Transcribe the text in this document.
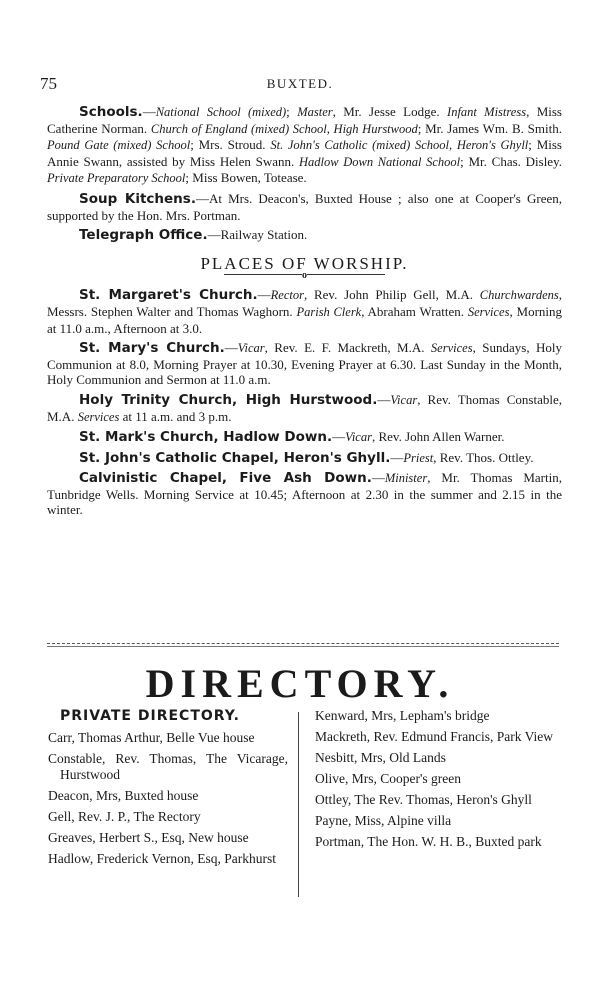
75	BUXTED.

Schools.—National School (mixed); Master, Mr. Jesse Lodge. Infant Mistress, Miss Catherine Norman. Church of England (mixed) School, High Hurstwood; Mr. James Wm. B. Smith. Pound Gate (mixed) School; Mrs. Stroud. St. John's Catholic (mixed) School, Heron's Ghyll; Miss Annie Swann, assisted by Miss Helen Swann. Hadlow Down National School; Mr. Chas. Disley. Private Preparatory School; Miss Bowen, Totease.

Soup Kitchens.—At Mrs. Deacon's, Buxted House ; also one at Cooper's Green, supported by the Hon. Mrs. Portman.

Telegraph Office.—Railway Station.

PLACES OF WORSHIP.

o

St. Margaret's Church.—Rector, Rev. John Philip Gell, M.A. Churchwardens, Messrs. Stephen Walter and Thomas Waghorn. Parish Clerk, Abraham Wratten. Services, Morning at 11.0 a.m., Afternoon at 3.0.

St. Mary's Church.—Vicar, Rev. E. F. Mackreth, M.A. Services, Sundays, Holy Communion at 8.0, Morning Prayer at 10.30, Evening Prayer at 6.30. Last Sunday in the Month, Holy Communion and Sermon at 11.0 a.m.

Holy Trinity Church, High Hurstwood.—Vicar, Rev. Thomas Constable, M.A. Services at 11 a.m. and 3 p.m.

St. Mark's Church, Hadlow Down.—Vicar, Rev. John Allen Warner.

St. John's Catholic Chapel, Heron's Ghyll.—Priest, Rev. Thos. Ottley.

Calvinistic Chapel, Five Ash Down.—Minister, Mr. Thomas Martin, Tunbridge Wells. Morning Service at 10.45; Afternoon at 2.30 in the summer and 2.15 in the winter.

DIRECTORY.
PRIVATE DIRECTORY.
Carr, Thomas Arthur, Belle Vue house
Constable, Rev. Thomas, The Vicarage, Hurstwood
Deacon, Mrs, Buxted house
Gell, Rev. J. P., The Rectory
Greaves, Herbert S., Esq, New house
Hadlow, Frederick Vernon, Esq, Parkhurst
Kenward, Mrs, Lepham's bridge
Mackreth, Rev. Edmund Francis, Park View
Nesbitt, Mrs, Old Lands
Olive, Mrs, Cooper's green
Ottley, The Rev. Thomas, Heron's Ghyll
Payne, Miss, Alpine villa
Portman, The Hon. W. H. B., Buxted park
